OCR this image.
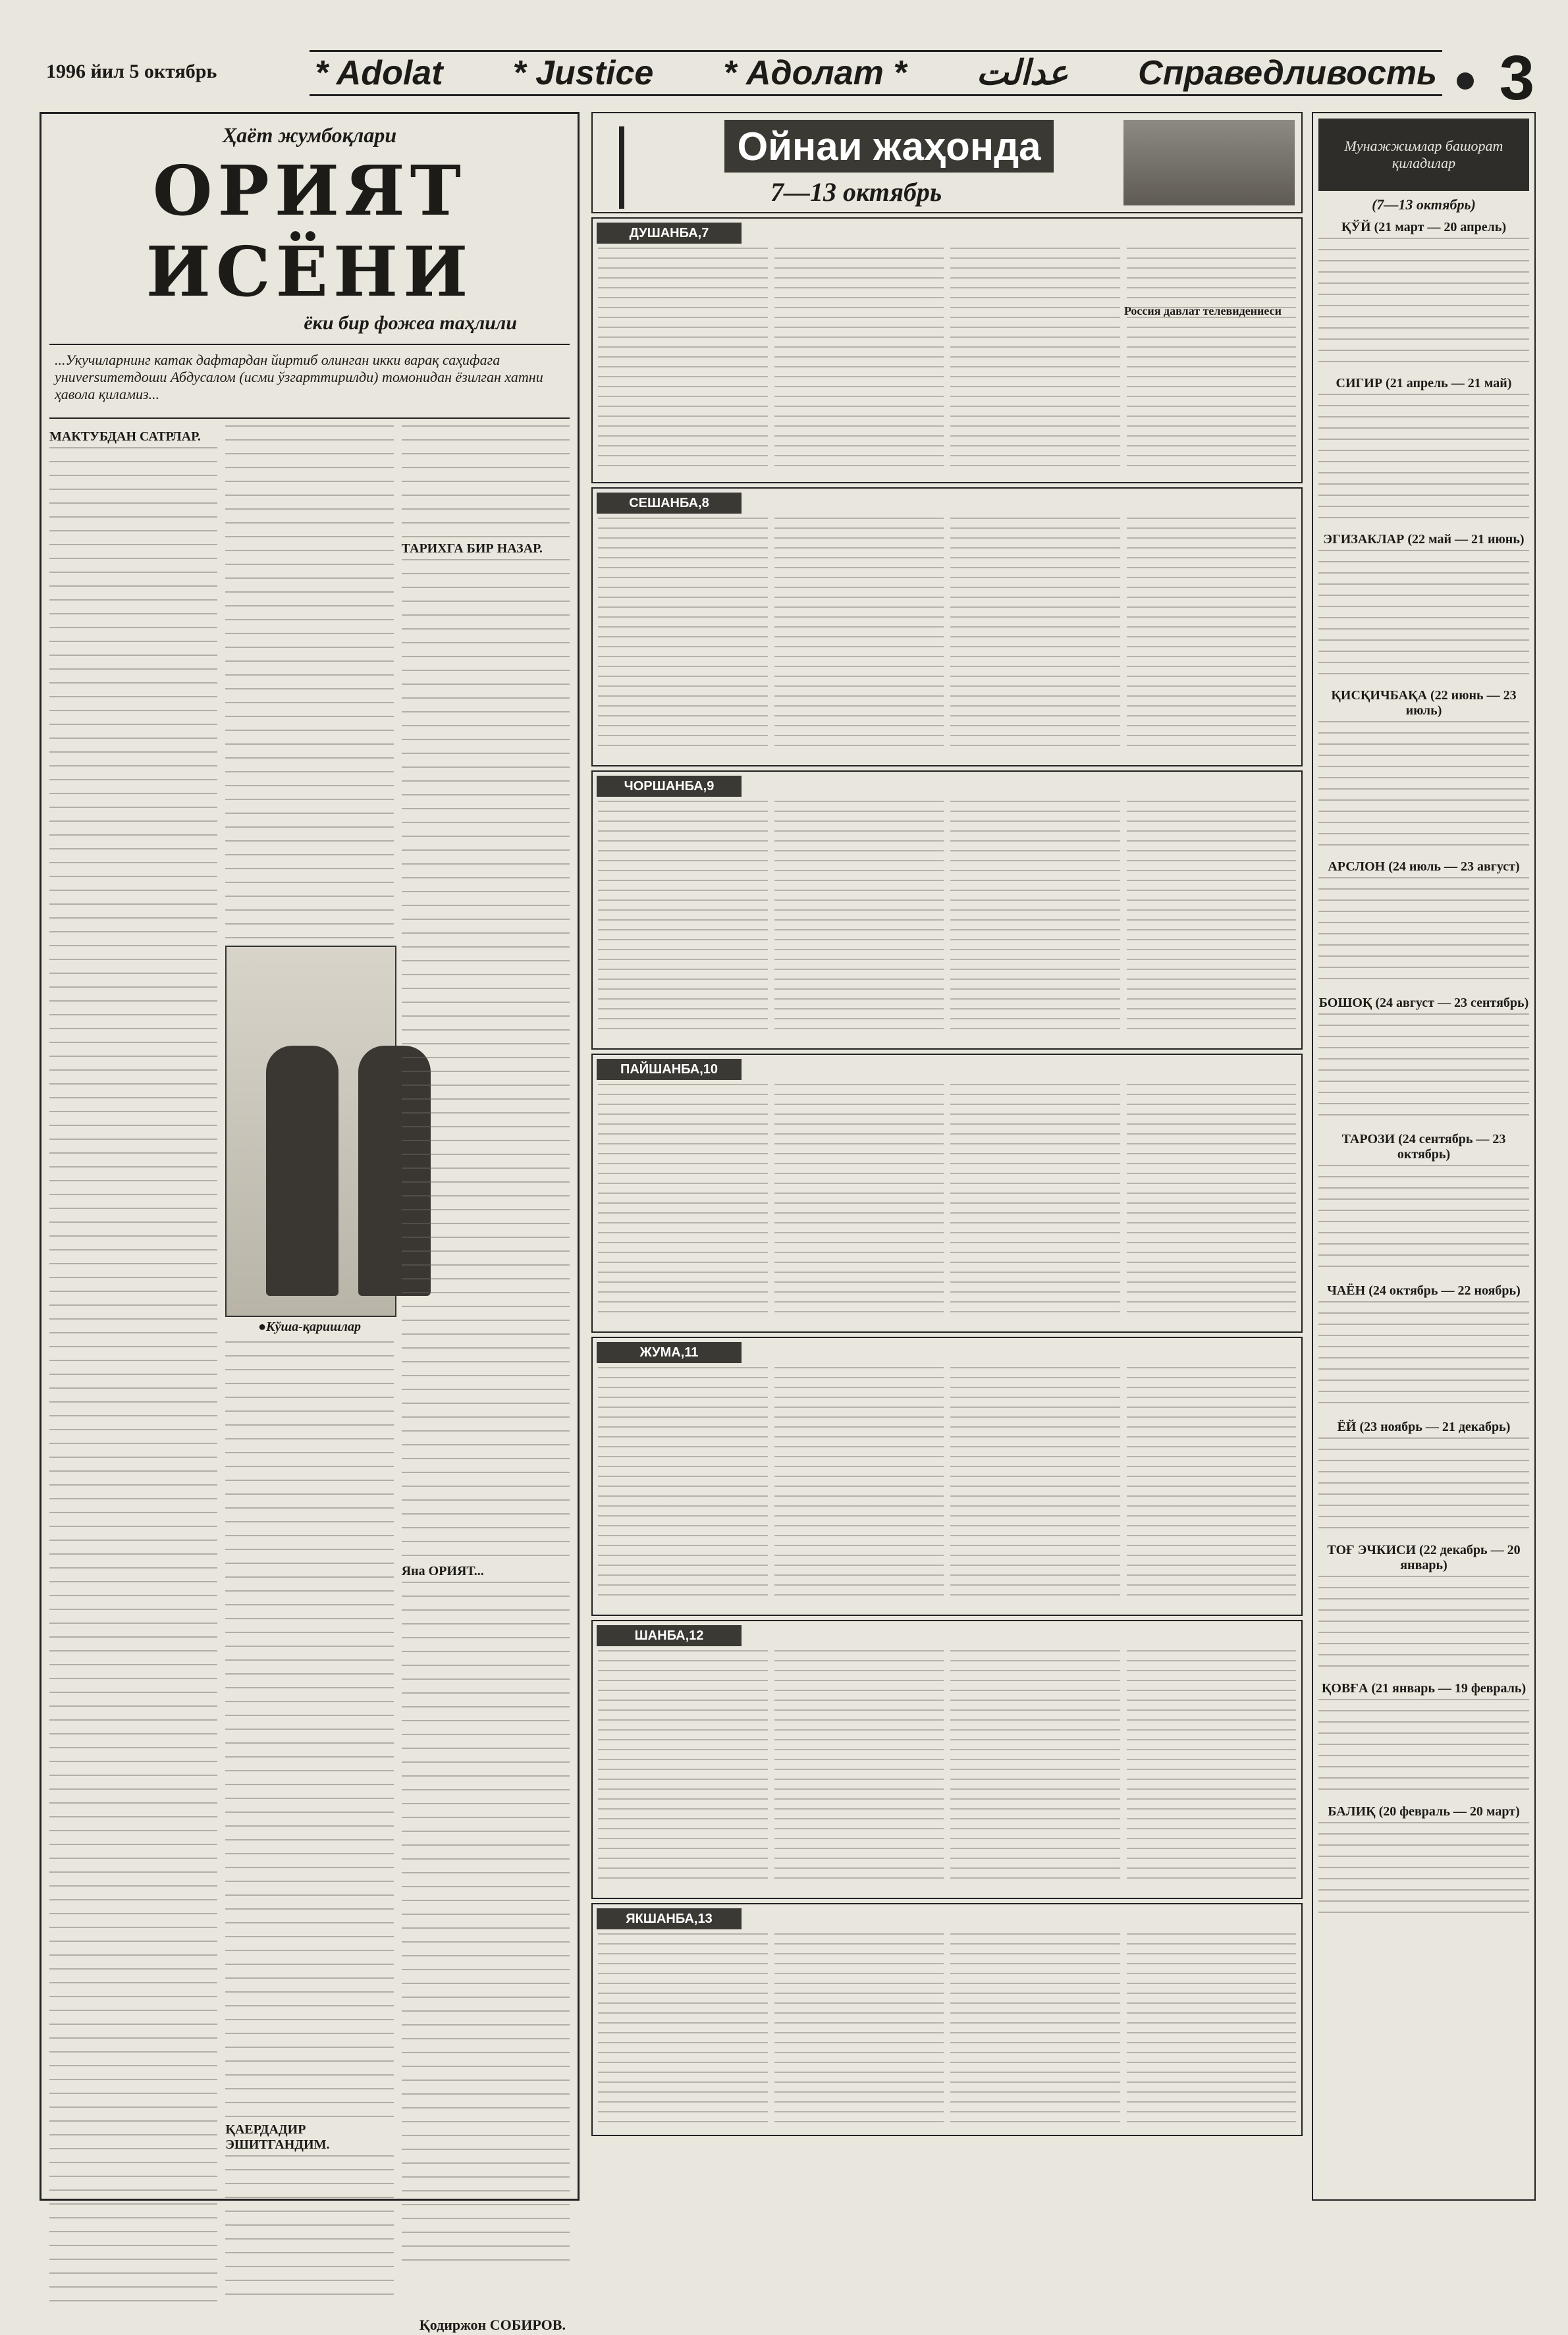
1996 йил 5 октябрь	* Adolat * Justice * Адолат * عدالت Справедливость 3
Ҳаёт жумбоқлари
ОРИЯТ ИСЁНИ
ёки бир фожеа таҳлили
...Укучиларнинг катак дафтардан йиртиб олинган икки варақ саҳифага униversитетдоши Абдусалом (исми ўзгарттирилди) томонидан ёзилган хатни ҳавола қиламиз...
МАКТУБДАН САТРЛАР.
●Кўша-қаришлар
ҚАЕРДАДИР ЭШИТГАНДИМ.
ТАРИХГА БИР НАЗАР.
Яна ОРИЯТ...
Қодиржон СОБИРОВ.
Ойнаи жаҳонда
7—13 октябрь
ДУШАНБА,7
Россия давлат телевидениеси
СЕШАНБА,8
ЧОРШАНБА,9
ПАЙШАНБА,10
ЖУМА,11
ШАНБА,12
ЯКШАНБА,13
Мунажжимлар башорат қиладилар
(7—13 октябрь)
ҚЎЙ (21 март — 20 апрель)
СИГИР (21 апрель — 21 май)
ЭГИЗАКЛАР (22 май — 21 июнь)
ҚИСҚИЧБАҚА (22 июнь — 23 июль)
АРСЛОН (24 июль — 23 август)
БОШОҚ (24 август — 23 сентябрь)
ТАРОЗИ (24 сентябрь — 23 октябрь)
ЧАЁН (24 октябрь — 22 ноябрь)
ЁЙ (23 ноябрь — 21 декабрь)
ТОҒ ЭЧКИСИ (22 декабрь — 20 январь)
ҚОВҒА (21 январь — 19 февраль)
БАЛИҚ (20 февраль — 20 март)
